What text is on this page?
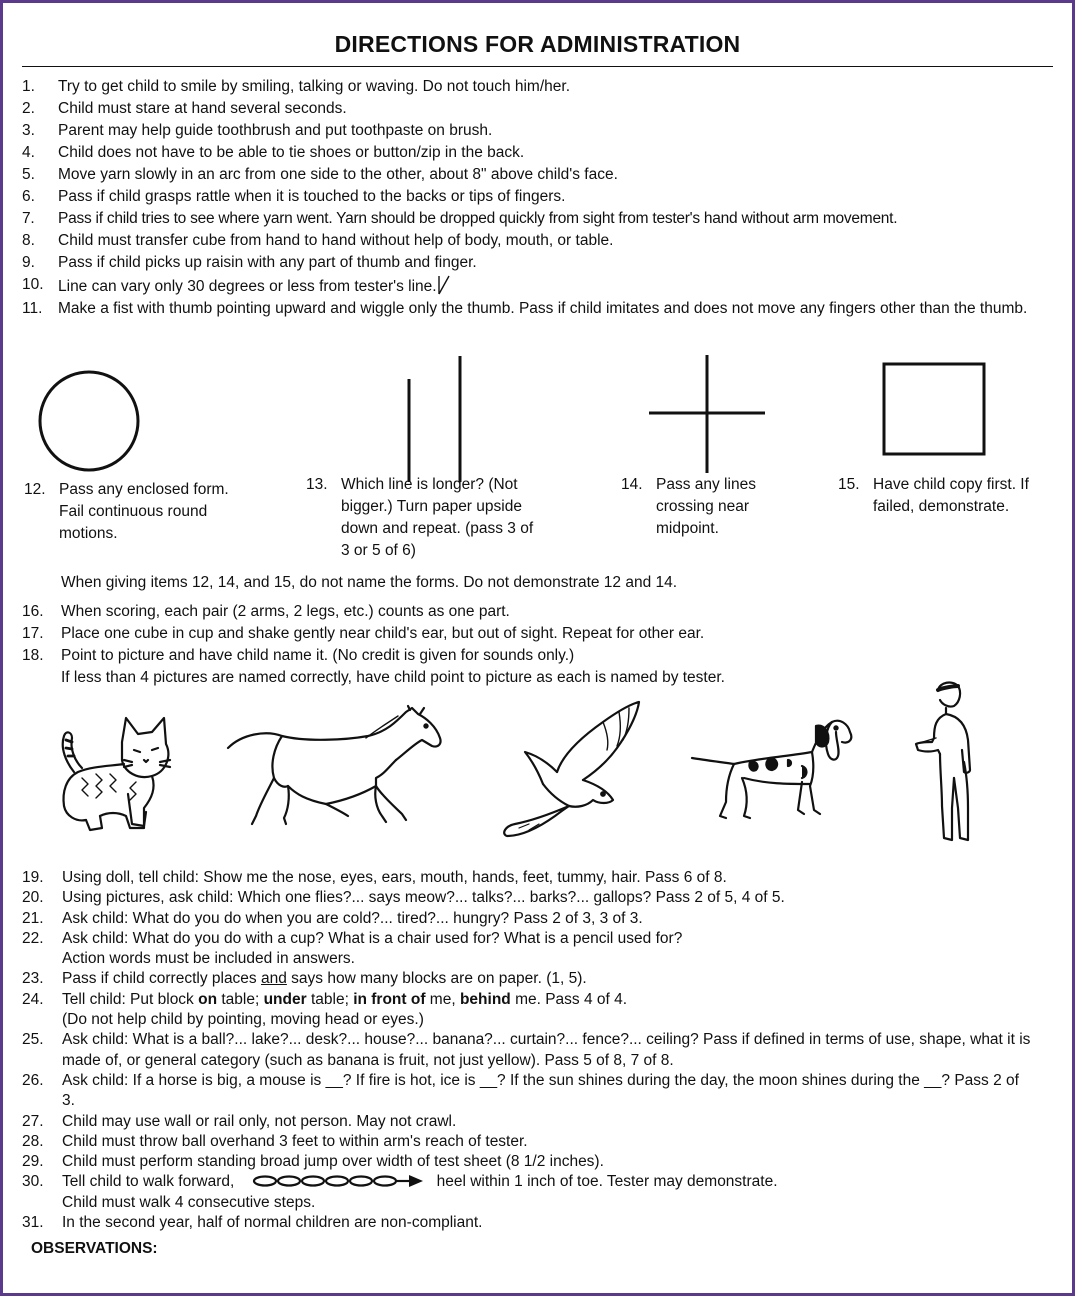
DIRECTIONS FOR ADMINISTRATION
1. Try to get child to smile by smiling, talking or waving. Do not touch him/her.
2. Child must stare at hand several seconds.
3. Parent may help guide toothbrush and put toothpaste on brush.
4. Child does not have to be able to tie shoes or button/zip in the back.
5. Move yarn slowly in an arc from one side to the other, about 8" above child's face.
6. Pass if child grasps rattle when it is touched to the backs or tips of fingers.
7. Pass if child tries to see where yarn went. Yarn should be dropped quickly from sight from tester's hand without arm movement.
8. Child must transfer cube from hand to hand without help of body, mouth, or table.
9. Pass if child picks up raisin with any part of thumb and finger.
10. Line can vary only 30 degrees or less from tester's line.
11. Make a fist with thumb pointing upward and wiggle only the thumb. Pass if child imitates and does not move any fingers other than the thumb.
12. Pass any enclosed form. Fail continuous round motions.
13. Which line is longer? (Not bigger.) Turn paper upside down and repeat. (pass 3 of 3 or 5 of 6)
14. Pass any lines crossing near midpoint.
15. Have child copy first. If failed, demonstrate.
When giving items 12, 14, and 15, do not name the forms. Do not demonstrate 12 and 14.
16. When scoring, each pair (2 arms, 2 legs, etc.) counts as one part.
17. Place one cube in cup and shake gently near child's ear, but out of sight. Repeat for other ear.
18. Point to picture and have child name it. (No credit is given for sounds only.)
If less than 4 pictures are named correctly, have child point to picture as each is named by tester.
19. Using doll, tell child: Show me the nose, eyes, ears, mouth, hands, feet, tummy, hair. Pass 6 of 8.
20. Using pictures, ask child: Which one flies?... says meow?... talks?... barks?... gallops? Pass 2 of 5, 4 of 5.
21. Ask child: What do you do when you are cold?... tired?... hungry? Pass 2 of 3, 3 of 3.
22. Ask child: What do you do with a cup? What is a chair used for? What is a pencil used for?
Action words must be included in answers.
23. Pass if child correctly places and says how many blocks are on paper. (1, 5).
24. Tell child: Put block on table; under table; in front of me, behind me. Pass 4 of 4.
(Do not help child by pointing, moving head or eyes.)
25. Ask child: What is a ball?... lake?... desk?... house?... banana?... curtain?... fence?... ceiling? Pass if defined in terms of use, shape, what it is made of, or general category (such as banana is fruit, not just yellow). Pass 5 of 8, 7 of 8.
26. Ask child: If a horse is big, a mouse is __? If fire is hot, ice is __? If the sun shines during the day, the moon shines during the __? Pass 2 of 3.
27. Child may use wall or rail only, not person. May not crawl.
28. Child must throw ball overhand 3 feet to within arm's reach of tester.
29. Child must perform standing broad jump over width of test sheet (8 1/2 inches).
30. Tell child to walk forward,	heel within 1 inch of toe. Tester may demonstrate.
Child must walk 4 consecutive steps.
31. In the second year, half of normal children are non-compliant.
OBSERVATIONS:
